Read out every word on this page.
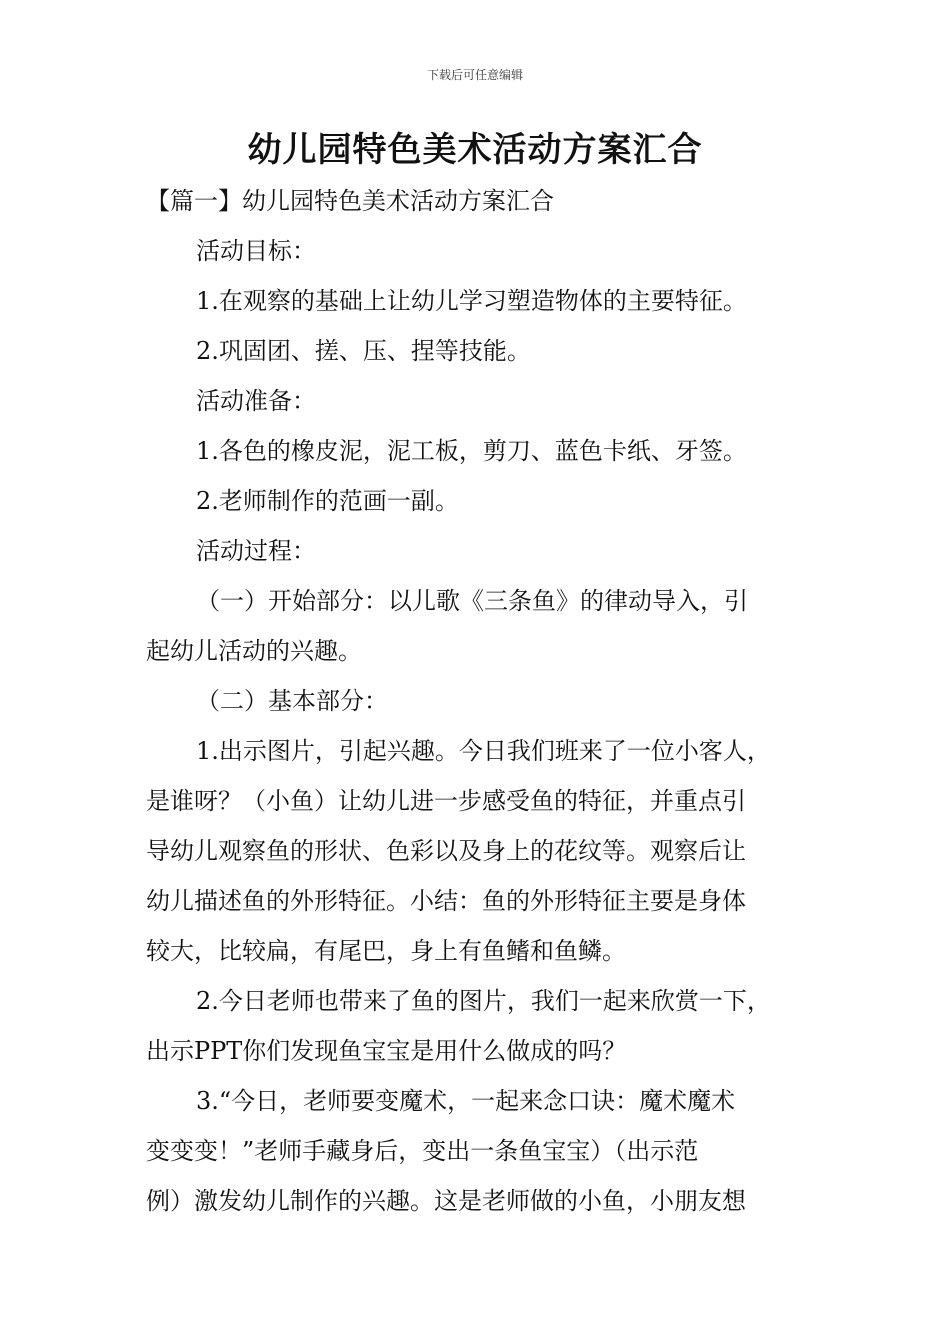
下载后可任意编辑
幼儿园特色美术活动方案汇合
【篇一】幼儿园特色美术活动方案汇合
活动目标：
1.在观察的基础上让幼儿学习塑造物体的主要特征。
2.巩固团、搓、压、捏等技能。
活动准备：
1.各色的橡皮泥，泥工板，剪刀、蓝色卡纸、牙签。
2.老师制作的范画一副。
活动过程：
（一）开始部分：以儿歌《三条鱼》的律动导入，引
起幼儿活动的兴趣。
（二）基本部分：
1.出示图片，引起兴趣。今日我们班来了一位小客人，
是谁呀？（小鱼）让幼儿进一步感受鱼的特征，并重点引
导幼儿观察鱼的形状、色彩以及身上的花纹等。观察后让
幼儿描述鱼的外形特征。小结：鱼的外形特征主要是身体
较大，比较扁，有尾巴，身上有鱼鳍和鱼鳞。
2.今日老师也带来了鱼的图片，我们一起来欣赏一下，
出示PPT你们发现鱼宝宝是用什么做成的吗？
3.“今日，老师要变魔术，一起来念口诀：魔术魔术
变变变！”老师手藏身后，变出一条鱼宝宝）（出示范
例）激发幼儿制作的兴趣。这是老师做的小鱼，小朋友想
